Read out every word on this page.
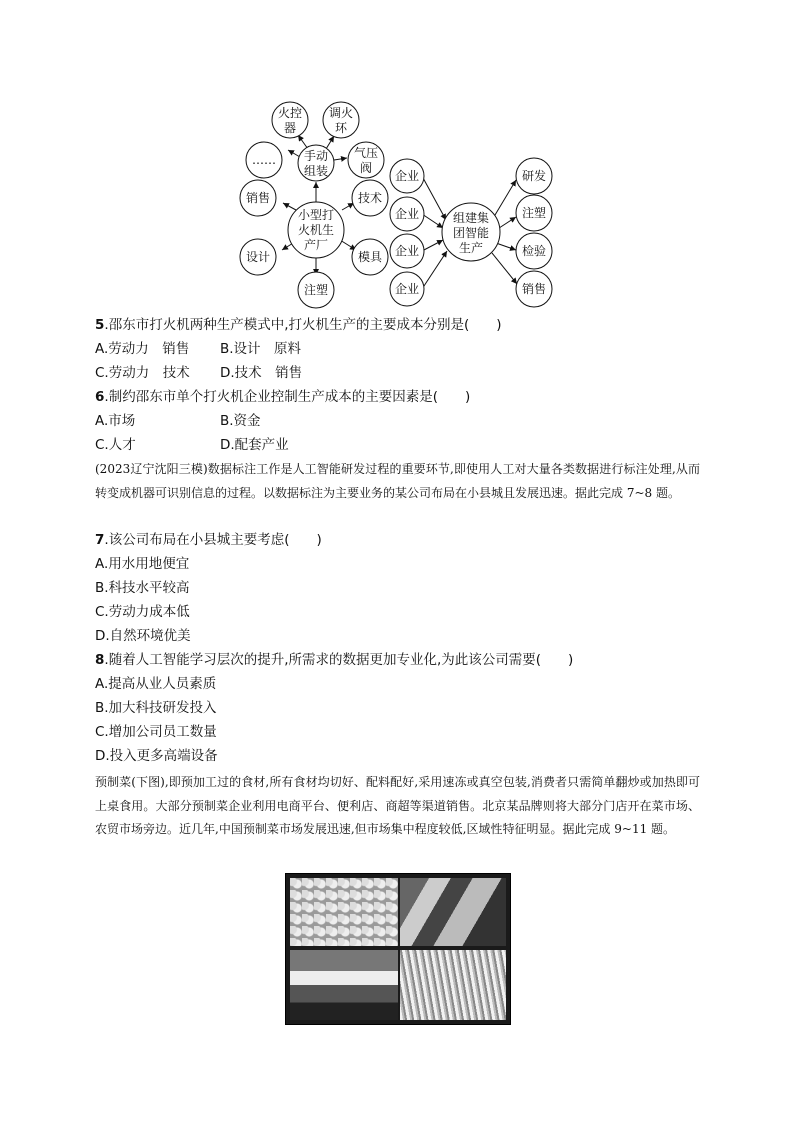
小型打
火机生
产厂
手动
组装
火控
器
调火
环
气压
阀
……
销售	技术
设计	模具
注塑
企业
企业
企业
企业
组建集
团智能
生产
研发
注塑
检验
销售
5.邵东市打火机两种生产模式中,打火机生产的主要成本分别是(　　)
A.劳动力　销售 B.设计　原料
C.劳动力　技术 D.技术　销售
6.制约邵东市单个打火机企业控制生产成本的主要因素是(　　)
A.市场	B.资金
C.人才	D.配套产业
(2023辽宁沈阳三模)数据标注工作是人工智能研发过程的重要环节,即使用人工对大量各类数据进行标注处理,从而转变成机器可识别信息的过程。以数据标注为主要业务的某公司布局在小县城且发展迅速。据此完成 7~8 题。
7.该公司布局在小县城主要考虑(　　)
A.用水用地便宜
B.科技水平较高
C.劳动力成本低
D.自然环境优美
8.随着人工智能学习层次的提升,所需求的数据更加专业化,为此该公司需要(　　)
A.提高从业人员素质
B.加大科技研发投入
C.增加公司员工数量
D.投入更多高端设备
预制菜(下图),即预加工过的食材,所有食材均切好、配料配好,采用速冻或真空包装,消费者只需简单翻炒或加热即可上桌食用。大部分预制菜企业利用电商平台、便利店、商超等渠道销售。北京某品牌则将大部分门店开在菜市场、农贸市场旁边。近几年,中国预制菜市场发展迅速,但市场集中程度较低,区域性特征明显。据此完成 9~11 题。
